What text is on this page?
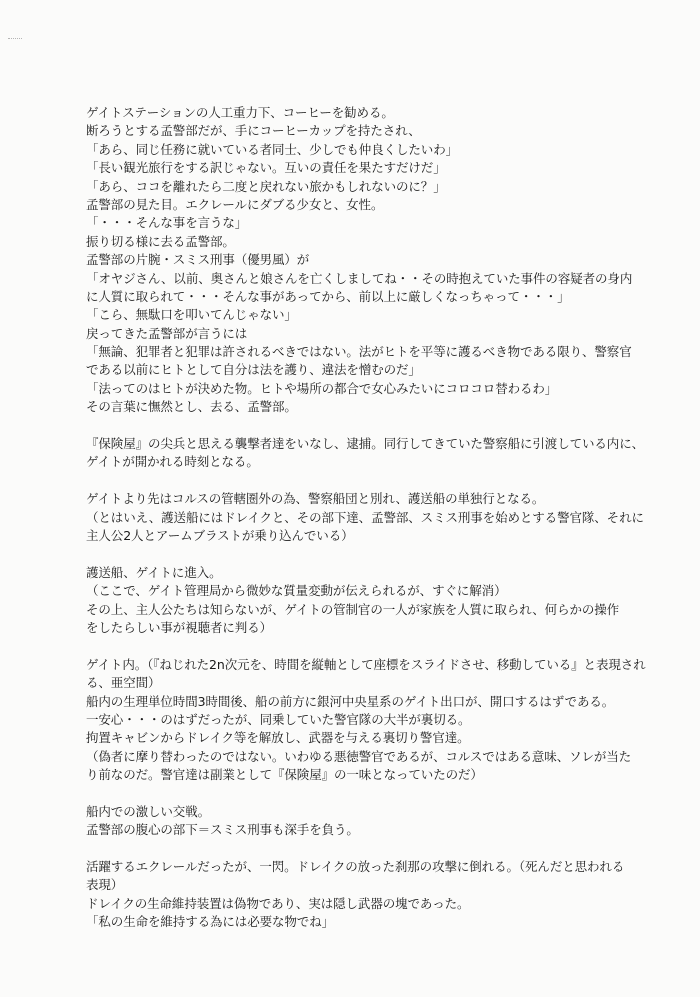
ゲイトステーションの人工重力下、コーヒーを勧める。
断ろうとする孟警部だが、手にコーヒーカップを持たされ、
「あら、同じ任務に就いている者同士、少しでも仲良くしたいわ」
「長い観光旅行をする訳じゃない。互いの責任を果たすだけだ」
「あら、ココを離れたら二度と戻れない旅かもしれないのに？」
孟警部の見た目。エクレールにダブる少女と、女性。
「・・・そんな事を言うな」
振り切る様に去る孟警部。
孟警部の片腕・スミス刑事（優男風）が
「オヤジさん、以前、奥さんと娘さんを亡くしましてね・・その時抱えていた事件の容疑者の身内
に人質に取られて・・・そんな事があってから、前以上に厳しくなっちゃって・・・」
「こら、無駄口を叩いてんじゃない」
戻ってきた孟警部が言うには
「無論、犯罪者と犯罪は許されるべきではない。法がヒトを平等に護るべき物である限り、警察官
である以前にヒトとして自分は法を護り、違法を憎むのだ」
「法ってのはヒトが決めた物。ヒトや場所の都合で女心みたいにコロコロ替わるわ」
その言葉に憮然とし、去る、孟警部。
『保険屋』の尖兵と思える襲撃者達をいなし、逮捕。同行してきていた警察船に引渡している内に、
ゲイトが開かれる時刻となる。
ゲイトより先はコルスの管轄圏外の為、警察船団と別れ、護送船の単独行となる。
（とはいえ、護送船にはドレイクと、その部下達、孟警部、スミス刑事を始めとする警官隊、それに
主人公2人とアームブラストが乗り込んでいる）
護送船、ゲイトに進入。
（ここで、ゲイト管理局から微妙な質量変動が伝えられるが、すぐに解消）
その上、主人公たちは知らないが、ゲイトの管制官の一人が家族を人質に取られ、何らかの操作
をしたらしい事が視聴者に判る）
ゲイト内。（『ねじれた2n次元を、時間を縦軸として座標をスライドさせ、移動している』と表現され
る、亜空間）
船内の生理単位時間3時間後、船の前方に銀河中央星系のゲイト出口が、開口するはずである。
一安心・・・のはずだったが、同乗していた警官隊の大半が裏切る。
拘置キャビンからドレイク等を解放し、武器を与える裏切り警官達。
（偽者に摩り替わったのではない。いわゆる悪徳警官であるが、コルスではある意味、ソレが当た
り前なのだ。警官達は副業として『保険屋』の一味となっていたのだ）
船内での激しい交戦。
孟警部の腹心の部下＝スミス刑事も深手を負う。
活躍するエクレールだったが、一閃。ドレイクの放った刹那の攻撃に倒れる。（死んだと思われる
表現）
ドレイクの生命維持装置は偽物であり、実は隠し武器の塊であった。
「私の生命を維持する為には必要な物でね」
